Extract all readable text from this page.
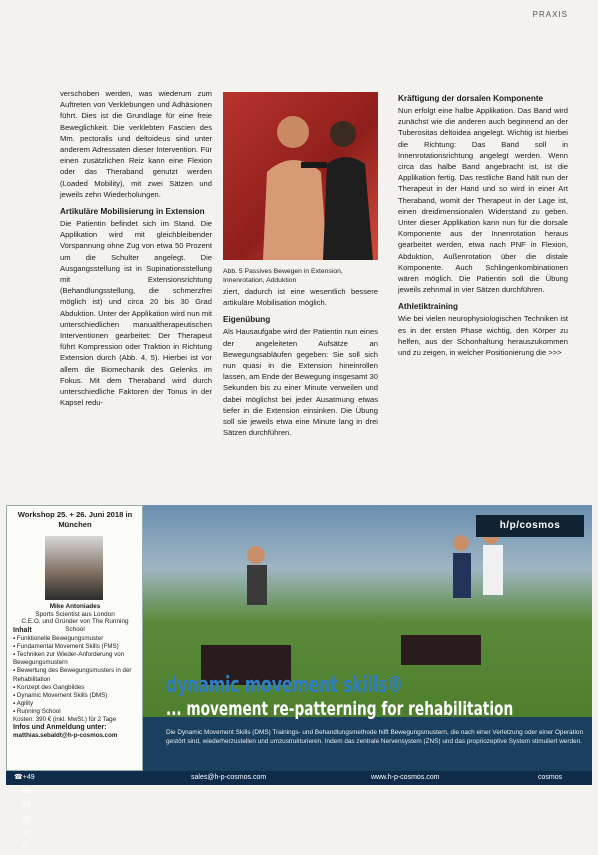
PRAXIS

verschoben werden, was wiederum zum Auftreten von Verklebungen und Adhäsionen führt. Dies ist die Grundlage für eine freie Beweglichkeit. Die verklebten Fascien des Mm. pectoralis und deltoideus sind unter anderem Adressaten dieser Intervention. Für einen zusätzlichen Reiz kann eine Flexion oder das Theraband genutzt werden (Loaded Mobility), mit zwei Sätzen und jeweils zehn Wiederholungen.

Artikuläre Mobilisierung in Extension

Die Patientin befindet sich im Stand. Die Applikation wird mit gleichbleibender Vorspannung ohne Zug von etwa 50 Prozent um die Schulter angelegt. Die Ausgangsstellung ist in Supinationsstellung mit Extensionsrichtung (Behandlungsstellung, die schmerzfrei möglich ist) und circa 20 bis 30 Grad Abduktion. Unter der Applikation wird nun mit unterschiedlichen manualtherapeutischen Interventionen gearbeitet: Der Therapeut führt Kompression oder Traktion in Richtung Extension durch (Abb. 4, 5). Hierbei ist vor allem die Biomechanik des Gelenks im Fokus. Mit dem Theraband wird durch unterschiedliche Faktoren der Tonus in der Kapsel redu-

Abb. 5 Passives Bewegen in Extension, Innenrotation, Adduktion

ziert, dadurch ist eine wesentlich bessere artikuläre Mobilisation möglich.

Eigenübung

Als Hausaufgabe wird der Patientin nun eines der angeleiteten Aufsätze an Bewegungsabläufen gegeben: Sie soll sich nun quasi in die Extension hineinrollen lassen, am Ende der Bewegung insgesamt 30 Sekunden bis zu einer Minute verweilen und dabei möglichst bei jeder Ausatmung etwas tiefer in die Extension einsinken. Die Übung soll sie jeweils etwa eine Minute lang in drei Sätzen durchführen.

Kräftigung der dorsalen Komponente

Nun erfolgt eine halbe Applikation. Das Band wird zunächst wie die anderen auch beginnend an der Tuberositas deltoidea angelegt. Wichtig ist hierbei die Richtung: Das Band soll in Innenrotationsrichtung angelegt werden. Wenn circa das halbe Band angebracht ist, ist die Applikation fertig. Das restliche Band hält nun der Therapeut in der Hand und so wird in einer Art Theraband, womit der Therapeut in der Lage ist, einen dreidimensionalen Widerstand zu geben. Unter dieser Applikation kann nun für die dorsale Komponente aus der Innenrotation heraus gearbeitet werden, etwa nach PNF in Flexion, Abduktion, Außenrotation über die distale Komponente. Auch Schlingenkombinationen wären möglich. Die Patientin soll die Übung jeweils zehnmal in vier Sätzen durchführen.

Athletiktraining

Wie bei vielen neurophysiologischen Techniken ist es in der ersten Phase wichtig, den Körper zu helfen, aus der Schonhaltung herauszukommen und zu zeigen, in welcher Positionierung die >>>

h/p/cosmos
dynamic movement skills®
... movement re-patterning for rehabilitation
Die Dynamic Movement Skills (DMS) Trainings- und Behandlungsmethode hilft Bewegungsmustern, die nach einer Verletzung oder einer Operation gestört sind, wiederherzustellen und umzustrukturieren. Indem das zentrale Nervensystem (ZNS) und das propriozeptive System stimuliert werden.
Workshop 25. + 26. Juni 2018 in München
Mike Antoniades
Sports Scientist aus London
C.E.O. und Gründer von The Running School
Inhalt
▪ Funktionelle Bewegungsmuster
▪ Fundamental Movement Skills (FMS)
▪ Techniken zur Wieder-Anforderung von Bewegungsmustern
▪ Bewertung des Bewegungsmusters in der Rehabilitation
▪ Konzept des Gangbildes
▪ Dynamic Movement Skills (DMS)
▪ Agility
▪ Running School
Kosten: 390 € (inkl. MwSt.) für 2 Tage
Infos und Anmeldung unter:
matthias.sebaldt@h-p-cosmos.com
☎ +49 86 69 86 42 0
sales@h-p-cosmos.com	www.h-p-cosmos.com	cosmos
